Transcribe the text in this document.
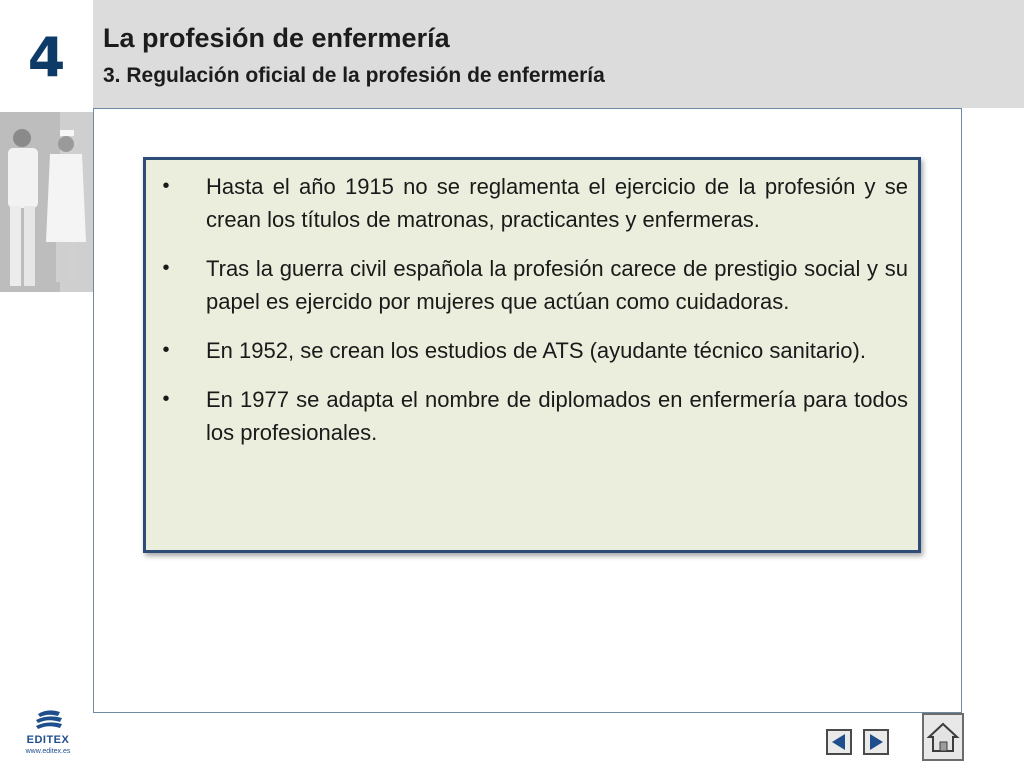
4	La profesión de enfermería
3. Regulación oficial de la profesión de enfermería
• Hasta el año 1915 no se reglamenta el ejercicio de la profesión y se crean los títulos de matronas, practicantes y enfermeras.
• Tras la guerra civil española la profesión carece de prestigio social y su papel es ejercido por mujeres que actúan como cuidadoras.
• En 1952, se crean los estudios de ATS (ayudante técnico sanitario).
• En 1977 se adapta el nombre de diplomados en enfermería para todos los profesionales.
EDITEX
www.editex.es
